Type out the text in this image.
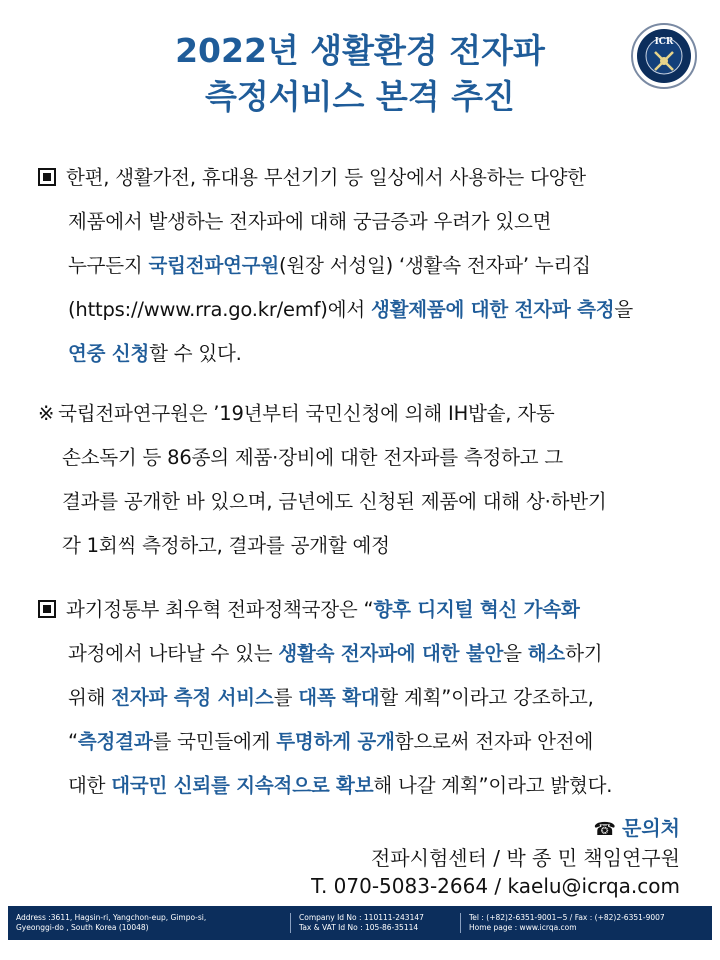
2022년 생활환경 전자파
측정서비스 본격 추진
ICR
한편, 생활가전, 휴대용 무선기기 등 일상에서 사용하는 다양한
제품에서 발생하는 전자파에 대해 궁금증과 우려가 있으면
누구든지 국립전파연구원(원장 서성일) ‘생활속 전자파’ 누리집
(https://www.rra.go.kr/emf)에서 생활제품에 대한 전자파 측정을
연중 신청할 수 있다.
※ 국립전파연구원은 ’19년부터 국민신청에 의해 IH밥솥, 자동
손소독기 등 86종의 제품·장비에 대한 전자파를 측정하고 그
결과를 공개한 바 있으며, 금년에도 신청된 제품에 대해 상·하반기
각 1회씩 측정하고, 결과를 공개할 예정
과기정통부 최우혁 전파정책국장은 “향후 디지털 혁신 가속화
과정에서 나타날 수 있는 생활속 전자파에 대한 불안을 해소하기
위해 전자파 측정 서비스를 대폭 확대할 계획”이라고 강조하고,
“측정결과를 국민들에게 투명하게 공개함으로써 전자파 안전에
대한 대국민 신뢰를 지속적으로 확보해 나갈 계획”이라고 밝혔다.
☎ 문의처
전파시험센터 / 박 종 민 책임연구원
T. 070-5083-2664 / kaelu@icrqa.com
Address :3611, Hagsin-ri, Yangchon-eup, Gimpo-si,
Gyeonggi-do , South Korea (10048)
Company Id No : 110111-243147
Tax & VAT Id No : 105-86-35114
Tel : (+82)2-6351-9001~5 / Fax : (+82)2-6351-9007
Home page : www.icrqa.com
